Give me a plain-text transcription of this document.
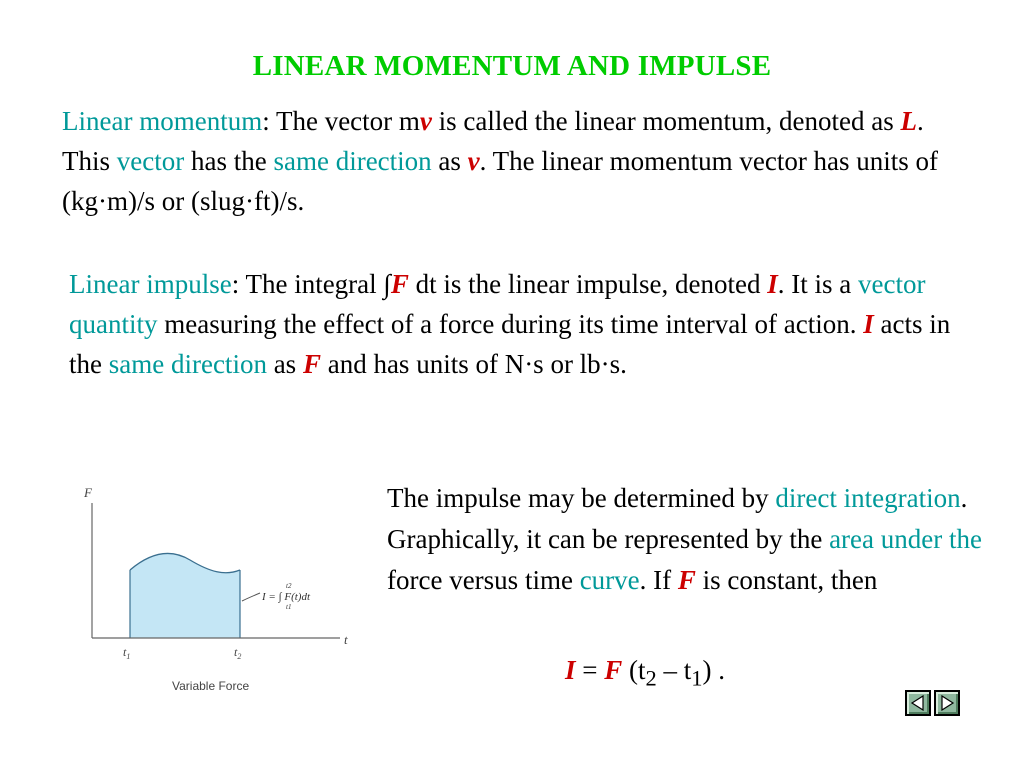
LINEAR MOMENTUM AND IMPULSE
Linear momentum: The vector mv is called the linear momentum, denoted as L. This vector has the same direction as v. The linear momentum vector has units of (kg·m)/s or (slug·ft)/s.
Linear impulse: The integral ∫F dt is the linear impulse, denoted I. It is a vector quantity measuring the effect of a force during its time interval of action. I acts in the same direction as F and has units of N·s or lb·s.
F
t
$t_1$	$t_2$
I = ∫ F(t)dt
t2
t1
Variable Force
The impulse may be determined by direct integration. Graphically, it can be represented by the area under the force versus time curve. If F is constant, then
I = F $(t_2 - t_1)$ .
